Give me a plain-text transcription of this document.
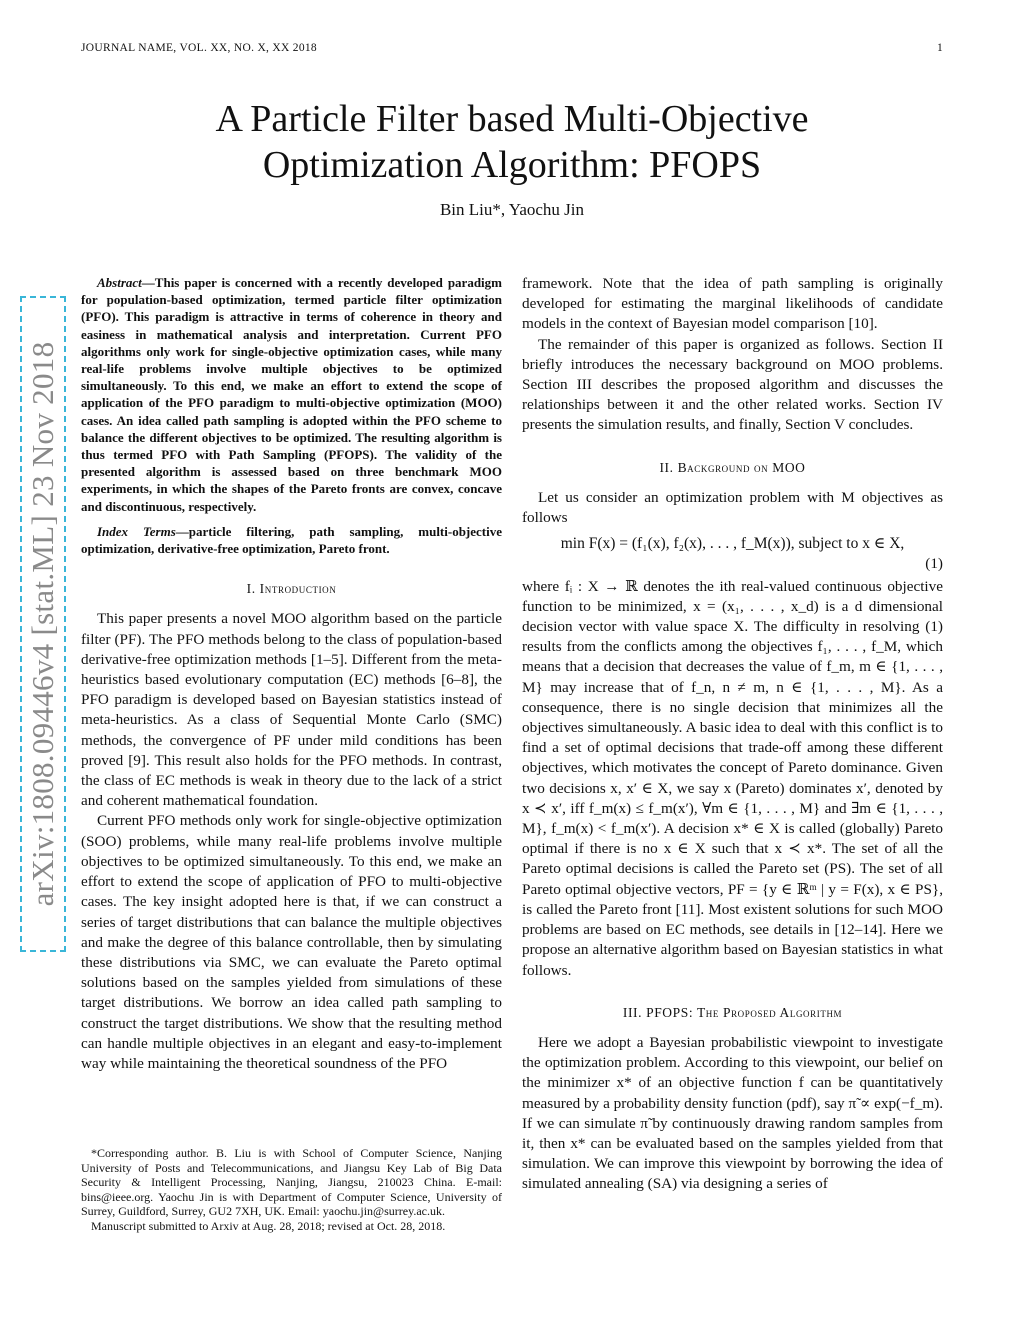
JOURNAL NAME, VOL. XX, NO. X, XX 2018	1
arXiv:1808.09446v4 [stat.ML] 23 Nov 2018
A Particle Filter based Multi-Objective
Optimization Algorithm: PFOPS
Bin Liu*, Yaochu Jin

Abstract—This paper is concerned with a recently developed paradigm for population-based optimization, termed particle filter optimization (PFO). This paradigm is attractive in terms of coherence in theory and easiness in mathematical analysis and interpretation. Current PFO algorithms only work for single-objective optimization cases, while many real-life problems involve multiple objectives to be optimized simultaneously. To this end, we make an effort to extend the scope of application of the PFO paradigm to multi-objective optimization (MOO) cases. An idea called path sampling is adopted within the PFO scheme to balance the different objectives to be optimized. The resulting algorithm is thus termed PFO with Path Sampling (PFOPS). The validity of the presented algorithm is assessed based on three benchmark MOO experiments, in which the shapes of the Pareto fronts are convex, concave and discontinuous, respectively.

Index Terms—particle filtering, path sampling, multi-objective optimization, derivative-free optimization, Pareto front.

I. Introduction

This paper presents a novel MOO algorithm based on the particle filter (PF). The PFO methods belong to the class of population-based derivative-free optimization methods [1–5]. Different from the meta-heuristics based evolutionary computation (EC) methods [6–8], the PFO paradigm is developed based on Bayesian statistics instead of meta-heuristics. As a class of Sequential Monte Carlo (SMC) methods, the convergence of PF under mild conditions has been proved [9]. This result also holds for the PFO methods. In contrast, the class of EC methods is weak in theory due to the lack of a strict and coherent mathematical foundation.

Current PFO methods only work for single-objective optimization (SOO) problems, while many real-life problems involve multiple objectives to be optimized simultaneously. To this end, we make an effort to extend the scope of application of PFO to multi-objective cases. The key insight adopted here is that, if we can construct a series of target distributions that can balance the multiple objectives and make the degree of this balance controllable, then by simulating these distributions via SMC, we can evaluate the Pareto optimal solutions based on the samples yielded from simulations of these target distributions. We borrow an idea called path sampling to construct the target distributions. We show that the resulting method can handle multiple objectives in an elegant and easy-to-implement way while maintaining the theoretical soundness of the PFO

*Corresponding author. B. Liu is with School of Computer Science, Nanjing University of Posts and Telecommunications, and Jiangsu Key Lab of Big Data Security & Intelligent Processing, Nanjing, Jiangsu, 210023 China. E-mail: bins@ieee.org. Yaochu Jin is with Department of Computer Science, University of Surrey, Guildford, Surrey, GU2 7XH, UK. Email: yaochu.jin@surrey.ac.uk.

Manuscript submitted to Arxiv at Aug. 28, 2018; revised at Oct. 28, 2018.

framework. Note that the idea of path sampling is originally developed for estimating the marginal likelihoods of candidate models in the context of Bayesian model comparison [10].

The remainder of this paper is organized as follows. Section II briefly introduces the necessary background on MOO problems. Section III describes the proposed algorithm and discusses the relationships between it and the other related works. Section IV presents the simulation results, and finally, Section V concludes.

II. Background on MOO

Let us consider an optimization problem with M objectives as follows

min F(x) = (f₁(x), f₂(x), . . . , f_M(x)), subject to x ∈ X,
(1)

where fᵢ : X → ℝ denotes the ith real-valued continuous objective function to be minimized, x = (x₁, . . . , x_d) is a d dimensional decision vector with value space X. The difficulty in resolving (1) results from the conflicts among the objectives f₁, . . . , f_M, which means that a decision that decreases the value of f_m, m ∈ {1, . . . , M} may increase that of f_n, n ≠ m, n ∈ {1, . . . , M}. As a consequence, there is no single decision that minimizes all the objectives simultaneously. A basic idea to deal with this conflict is to find a set of optimal decisions that trade-off among these different objectives, which motivates the concept of Pareto dominance. Given two decisions x, x′ ∈ X, we say x (Pareto) dominates x′, denoted by x ≺ x′, iff f_m(x) ≤ f_m(x′), ∀m ∈ {1, . . . , M} and ∃m ∈ {1, . . . , M}, f_m(x) < f_m(x′). A decision x* ∈ X is called (globally) Pareto optimal if there is no x ∈ X such that x ≺ x*. The set of all the Pareto optimal decisions is called the Pareto set (PS). The set of all Pareto optimal objective vectors, PF = {y ∈ ℝᵐ | y = F(x), x ∈ PS}, is called the Pareto front [11]. Most existent solutions for such MOO problems are based on EC methods, see details in [12–14]. Here we propose an alternative algorithm based on Bayesian statistics in what follows.

III. PFOPS: The Proposed Algorithm

Here we adopt a Bayesian probabilistic viewpoint to investigate the optimization problem. According to this viewpoint, our belief on the minimizer x* of an objective function f can be quantitatively measured by a probability density function (pdf), say π̃ ∝ exp(−f_m). If we can simulate π̃ by continuously drawing random samples from it, then x* can be evaluated based on the samples yielded from that simulation. We can improve this viewpoint by borrowing the idea of simulated annealing (SA) via designing a series of
